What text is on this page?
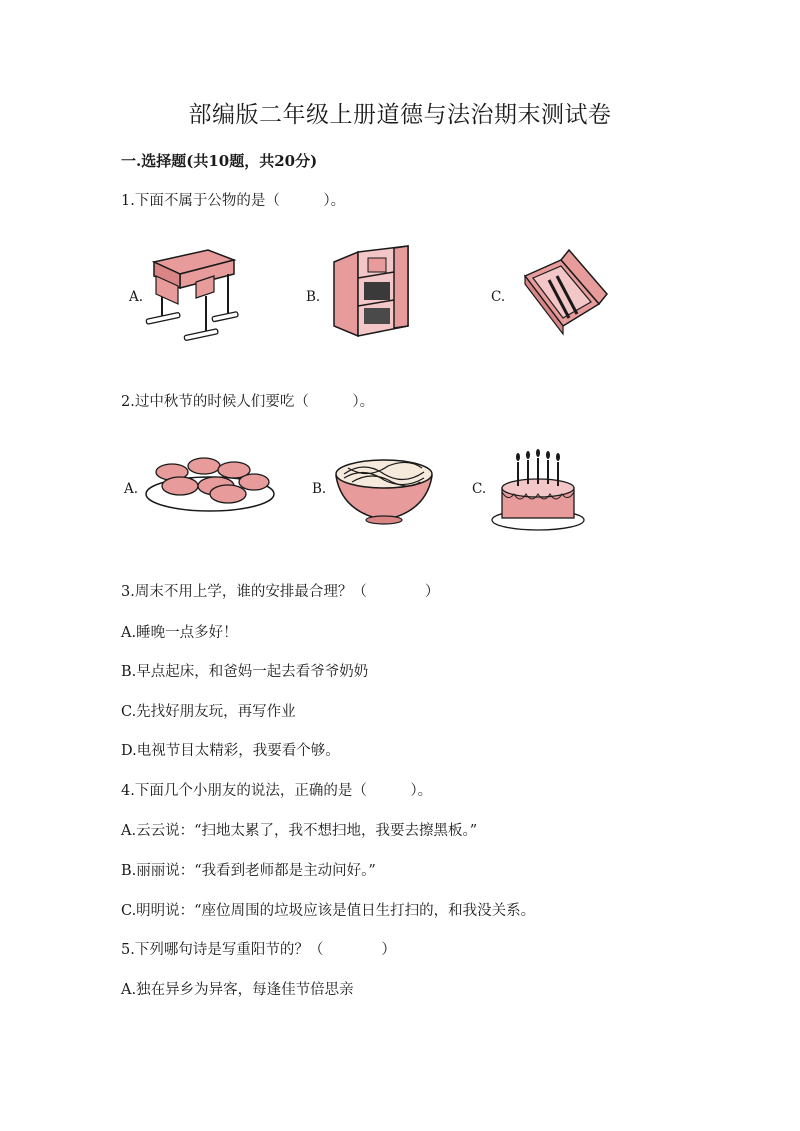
部编版二年级上册道德与法治期末测试卷
一.选择题(共10题，共20分)
1.下面不属于公物的是（　　　）。
A.	B.	C.
2.过中秋节的时候人们要吃（　　　）。
A.	B.	C.
3.周末不用上学，谁的安排最合理？（　　　　）
A.睡晚一点多好！
B.早点起床，和爸妈一起去看爷爷奶奶
C.先找好朋友玩，再写作业
D.电视节目太精彩，我要看个够。
4.下面几个小朋友的说法，正确的是（　　　）。
A.云云说：“扫地太累了，我不想扫地，我要去擦黑板。”
B.丽丽说：“我看到老师都是主动问好。”
C.明明说：“座位周围的垃圾应该是值日生打扫的，和我没关系。
5.下列哪句诗是写重阳节的？（　　　　）
A.独在异乡为异客，每逢佳节倍思亲
